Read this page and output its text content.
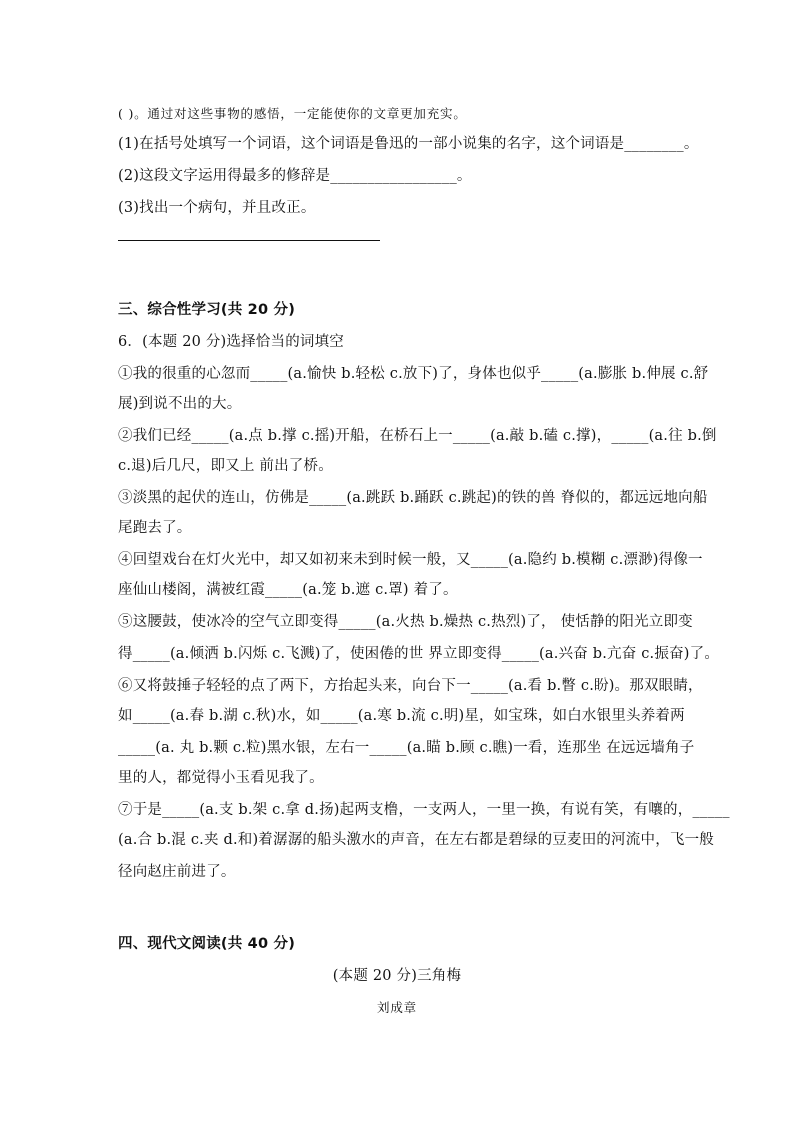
( )。通过对这些事物的感悟，一定能使你的文章更加充实。
(1)在括号处填写一个词语，这个词语是鲁迅的一部小说集的名字，这个词语是________。
(2)这段文字运用得最多的修辞是_________________。
(3)找出一个病句，并且改正。
三、综合性学习(共 20 分)
6．(本题 20 分)选择恰当的词填空
①我的很重的心忽而_____(a.愉快 b.轻松 c.放下)了，身体也似乎_____(a.膨胀 b.伸展 c.舒
展)到说不出的大。
②我们已经_____(a.点 b.撑 c.摇)开船，在桥石上一_____(a.敲 b.磕 c.撑)，_____(a.往 b.倒
c.退)后几尺，即又上 前出了桥。
③淡黑的起伏的连山，仿佛是_____(a.跳跃 b.踊跃 c.跳起)的铁的兽 脊似的，都远远地向船
尾跑去了。
④回望戏台在灯火光中，却又如初来未到时候一般，又_____(a.隐约 b.模糊 c.漂渺)得像一
座仙山楼阁，满被红霞_____(a.笼 b.遮 c.罩) 着了。
⑤这腰鼓，使冰冷的空气立即变得_____(a.火热 b.燥热 c.热烈)了， 使恬静的阳光立即变
得_____(a.倾洒 b.闪烁 c.飞溅)了，使困倦的世 界立即变得_____(a.兴奋 b.亢奋 c.振奋)了。
⑥又将鼓捶子轻轻的点了两下，方抬起头来，向台下一_____(a.看 b.瞥 c.盼)。那双眼睛，
如_____(a.春 b.湖 c.秋)水，如_____(a.寒 b.流 c.明)星，如宝珠，如白水银里头养着两
_____(a. 丸 b.颗 c.粒)黑水银，左右一_____(a.瞄 b.顾 c.瞧)一看，连那坐 在远远墙角子
里的人，都觉得小玉看见我了。
⑦于是_____(a.支 b.架 c.拿 d.扬)起两支橹，一支两人，一里一换，有说有笑，有嚷的，_____
(a.合 b.混 c.夹 d.和)着潺潺的船头激水的声音，在左右都是碧绿的豆麦田的河流中，飞一般
径向赵庄前进了。
四、现代文阅读(共 40 分)
(本题 20 分)三角梅
刘成章
